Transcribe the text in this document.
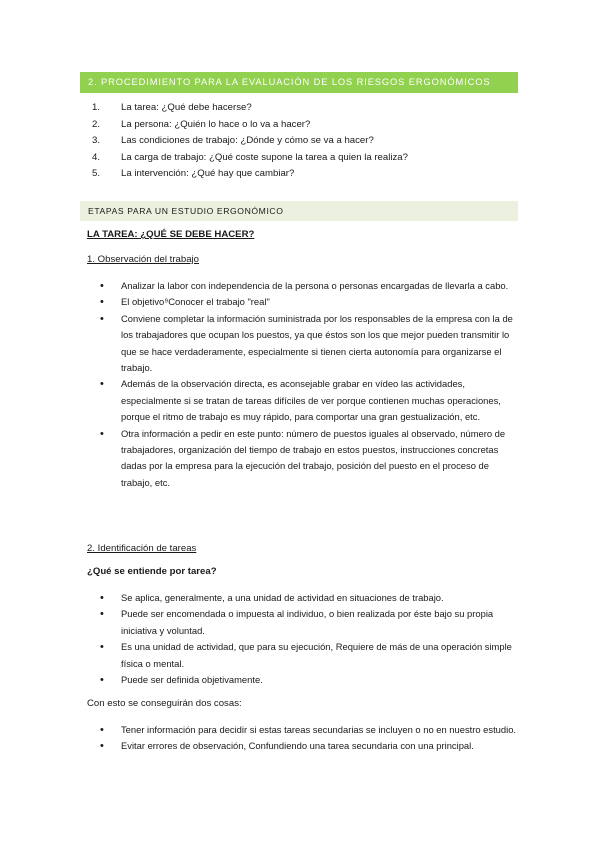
2. PROCEDIMIENTO PARA LA EVALUACIÓN DE LOS RIESGOS ERGONÓMICOS
1. La tarea: ¿Qué debe hacerse?
2. La persona: ¿Quién lo hace o lo va a hacer?
3. Las condiciones de trabajo: ¿Dónde y cómo se va a hacer?
4. La carga de trabajo: ¿Qué coste supone la tarea a quien la realiza?
5. La intervención: ¿Qué hay que cambiar?
ETAPAS PARA UN ESTUDIO ERGONÓMICO
LA TAREA: ¿QUÉ SE DEBE HACER?
1. Observación del trabajo
• Analizar la labor con independencia de la persona o personas encargadas de llevarla a cabo.
• El objetivo⁹Conocer el trabajo "real"
• Conviene completar la información suministrada por los responsables de la empresa con la de los trabajadores que ocupan los puestos, ya que éstos son los que mejor pueden transmitir lo que se hace verdaderamente, especialmente si tienen cierta autonomía para organizarse el trabajo.
• Además de la observación directa, es aconsejable grabar en vídeo las actividades, especialmente si se tratan de tareas difíciles de ver porque contienen muchas operaciones, porque el ritmo de trabajo es muy rápido, para comportar una gran gestualización, etc.
• Otra información a pedir en este punto: número de puestos iguales al observado, número de trabajadores, organización del tiempo de trabajo en estos puestos, instrucciones concretas dadas por la empresa para la ejecución del trabajo, posición del puesto en el proceso de trabajo, etc.
2. Identificación de tareas
¿Qué se entiende por tarea?
• Se aplica, generalmente, a una unidad de actividad en situaciones de trabajo.
• Puede ser encomendada o impuesta al individuo, o bien realizada por éste bajo su propia iniciativa y voluntad.
• Es una unidad de actividad, que para su ejecución, Requiere de más de una operación simple física o mental.
• Puede ser definida objetivamente.
Con esto se conseguirán dos cosas:
• Tener información para decidir si estas tareas secundarias se incluyen o no en nuestro estudio.
• Evitar errores de observación, Confundiendo una tarea secundaria con una principal.
